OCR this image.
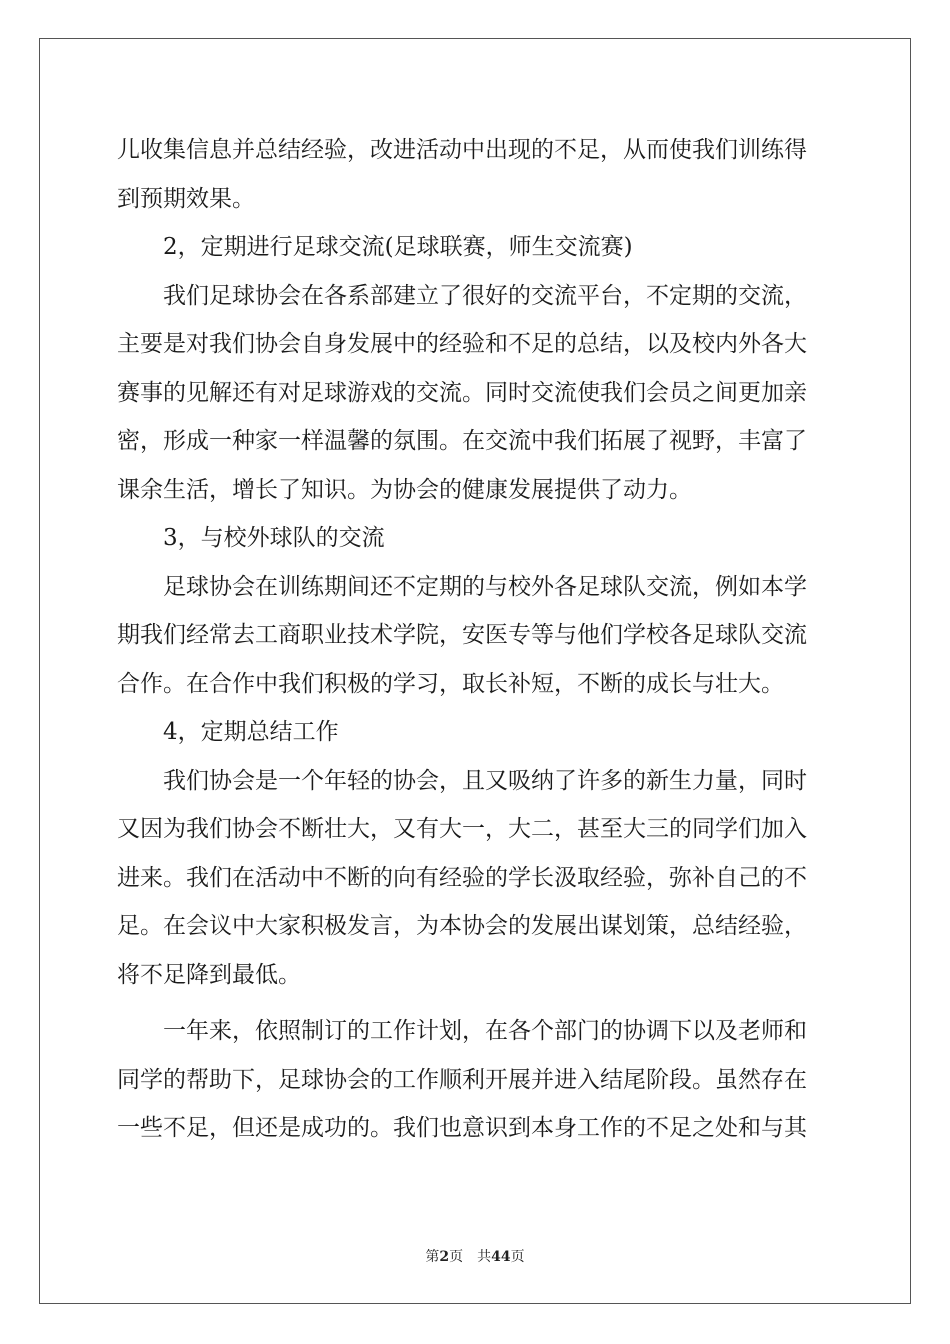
儿收集信息并总结经验，改进活动中出现的不足，从而使我们训练得
到预期效果。
2，定期进行足球交流(足球联赛，师生交流赛)
我们足球协会在各系部建立了很好的交流平台，不定期的交流，
主要是对我们协会自身发展中的经验和不足的总结，以及校内外各大
赛事的见解还有对足球游戏的交流。同时交流使我们会员之间更加亲
密，形成一种家一样温馨的氛围。在交流中我们拓展了视野，丰富了
课余生活，增长了知识。为协会的健康发展提供了动力。
3，与校外球队的交流
足球协会在训练期间还不定期的与校外各足球队交流，例如本学
期我们经常去工商职业技术学院，安医专等与他们学校各足球队交流
合作。在合作中我们积极的学习，取长补短，不断的成长与壮大。
4，定期总结工作
我们协会是一个年轻的协会，且又吸纳了许多的新生力量，同时
又因为我们协会不断壮大，又有大一，大二，甚至大三的同学们加入
进来。我们在活动中不断的向有经验的学长汲取经验，弥补自己的不
足。在会议中大家积极发言，为本协会的发展出谋划策，总结经验，
将不足降到最低。
一年来，依照制订的工作计划，在各个部门的协调下以及老师和
同学的帮助下，足球协会的工作顺利开展并进入结尾阶段。虽然存在
一些不足，但还是成功的。我们也意识到本身工作的不足之处和与其
第2页 共44页
